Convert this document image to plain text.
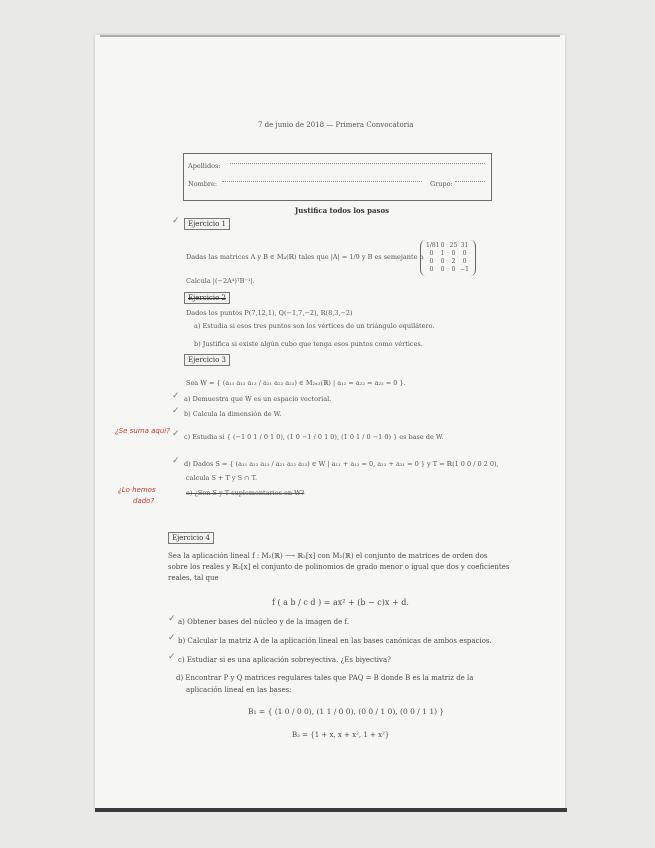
7 de junio de 2018 — Primera Convocatoria
Apellidos:
Nombre:	Grupo:
Justifica todos los pasos
✓	Ejercicio 1
Dadas las matrices A y B ∈ M₄(ℝ) tales que |A| = 1/9 y B es semejante a
1/810 25 31
0 1 0 0
0 0 2 0
0 0 0 −1
Calcula |(−2A⁴)ᵀB⁻¹|.
Ejercicio 2
Dados los puntos P(7,12,1), Q(−1,7,−2), R(8,3,−2)
a) Estudia si esos tres puntos son los vértices de un triángulo equilátero.
b) Justifica si existe algún cubo que tenga esos puntos como vértices.
Ejercicio 3
Sea W = { (a₁₁ a₁₂ a₁₃ / a₂₁ a₂₂ a₂₃) ∈ M₂ₓ₃(ℝ) | a₁₂ = a₂₂ = a₂₃ = 0 }.
✓ a) Demuestra que W es un espacio vectorial.
✓ b) Calcula la dimensión de W.
¿Se suma aqui? ✓ c) Estudia si { (−1 0 1 / 0 1 0), (1 0 −1 / 0 1 0), (1 0 1 / 0 −1 0) } es base de W.
✓ d) Dados S = { (a₁₁ a₁₂ a₁₃ / a₂₁ a₂₂ a₂₃) ∈ W | a₁₁ + a₁₃ = 0, a₁₃ + a₂₁ = 0 } y T = ℝ(1 0 0 / 0 2 0),
calcula S + T y S ∩ T.
¿Lo hemos
dado?
e) ¿Son S y T suplementarios en W?
Ejercicio 4
Sea la aplicación lineal f : M₂(ℝ) ⟶ ℝ₂[x] con M₂(ℝ) el conjunto de matrices de orden dos
sobre los reales y ℝ₂[x] el conjunto de polinomios de grado menor o igual que dos y coeficientes
reales, tal que
f ( a b / c d ) = ax² + (b − c)x + d.
✓ a) Obtener bases del núcleo y de la imagen de f.
✓ b) Calcular la matriz A de la aplicación lineal en las bases canónicas de ambos espacios.
✓ c) Estudiar si es una aplicación sobreyectiva. ¿Es biyectiva?
d) Encontrar P y Q matrices regulares tales que PAQ = B donde B es la matriz de la
aplicación lineal en las bases:
B₁ = { (1 0 / 0 0), (1 1 / 0 0), (0 0 / 1 0), (0 0 / 1 1) }
B₂ = {1 + x, x + x², 1 + x²}
